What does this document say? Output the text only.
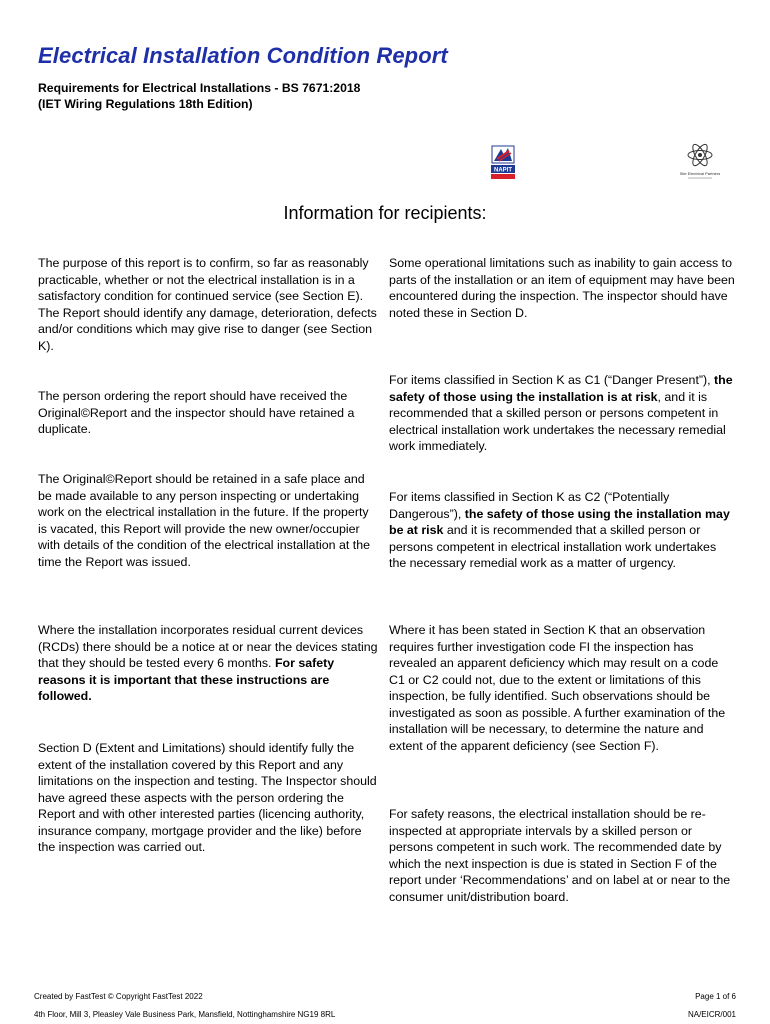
Electrical Installation Condition Report
Requirements for Electrical Installations - BS 7671:2018
(IET Wiring Regulations 18th Edition)
NAPIT	Site Electrical Partners
Information for recipients:

The purpose of this report is to confirm, so far as reasonably practicable, whether or not the electrical installation is in a satisfactory condition for continued service (see Section E). The Report should identify any damage, deterioration, defects and/or conditions which may give rise to danger (see Section K).

The person ordering the report should have received the Original©Report and the inspector should have retained a duplicate.

The Original©Report should be retained in a safe place and be made available to any person inspecting or undertaking work on the electrical installation in the future. If the property is vacated, this Report will provide the new owner/occupier with details of the condition of the electrical installation at the time the Report was issued.

Where the installation incorporates residual current devices (RCDs) there should be a notice at or near the devices stating that they should be tested every 6 months. For safety reasons it is important that these instructions are followed.

Section D (Extent and Limitations) should identify fully the extent of the installation covered by this Report and any limitations on the inspection and testing. The Inspector should have agreed these aspects with the person ordering the Report and with other interested parties (licencing authority, insurance company, mortgage provider and the like) before the inspection was carried out.

Some operational limitations such as inability to gain access to parts of the installation or an item of equipment may have been encountered during the inspection. The inspector should have noted these in Section D.

For items classified in Section K as C1 (“Danger Present”), the safety of those using the installation is at risk, and it is recommended that a skilled person or persons competent in electrical installation work undertakes the necessary remedial work immediately.

For items classified in Section K as C2 (“Potentially Dangerous”), the safety of those using the installation may be at risk and it is recommended that a skilled person or persons competent in electrical installation work undertakes the necessary remedial work as a matter of urgency.

Where it has been stated in Section K that an observation requires further investigation code FI the inspection has revealed an apparent deficiency which may result on a code C1 or C2 could not, due to the extent or limitations of this inspection, be fully identified. Such observations should be investigated as soon as possible. A further examination of the installation will be necessary, to determine the nature and extent of the apparent deficiency (see Section F).

For safety reasons, the electrical installation should be re-inspected at appropriate intervals by a skilled person or persons competent in such work. The recommended date by which the next inspection is due is stated in Section F of the report under ‘Recommendations’ and on label at or near to the consumer unit/distribution board.

Created by FastTest © Copyright FastTest 2022
4th Floor, Mill 3, Pleasley Vale Business Park, Mansfield, Nottinghamshire NG19 8RL
Page 1 of 6
NA/EICR/001
